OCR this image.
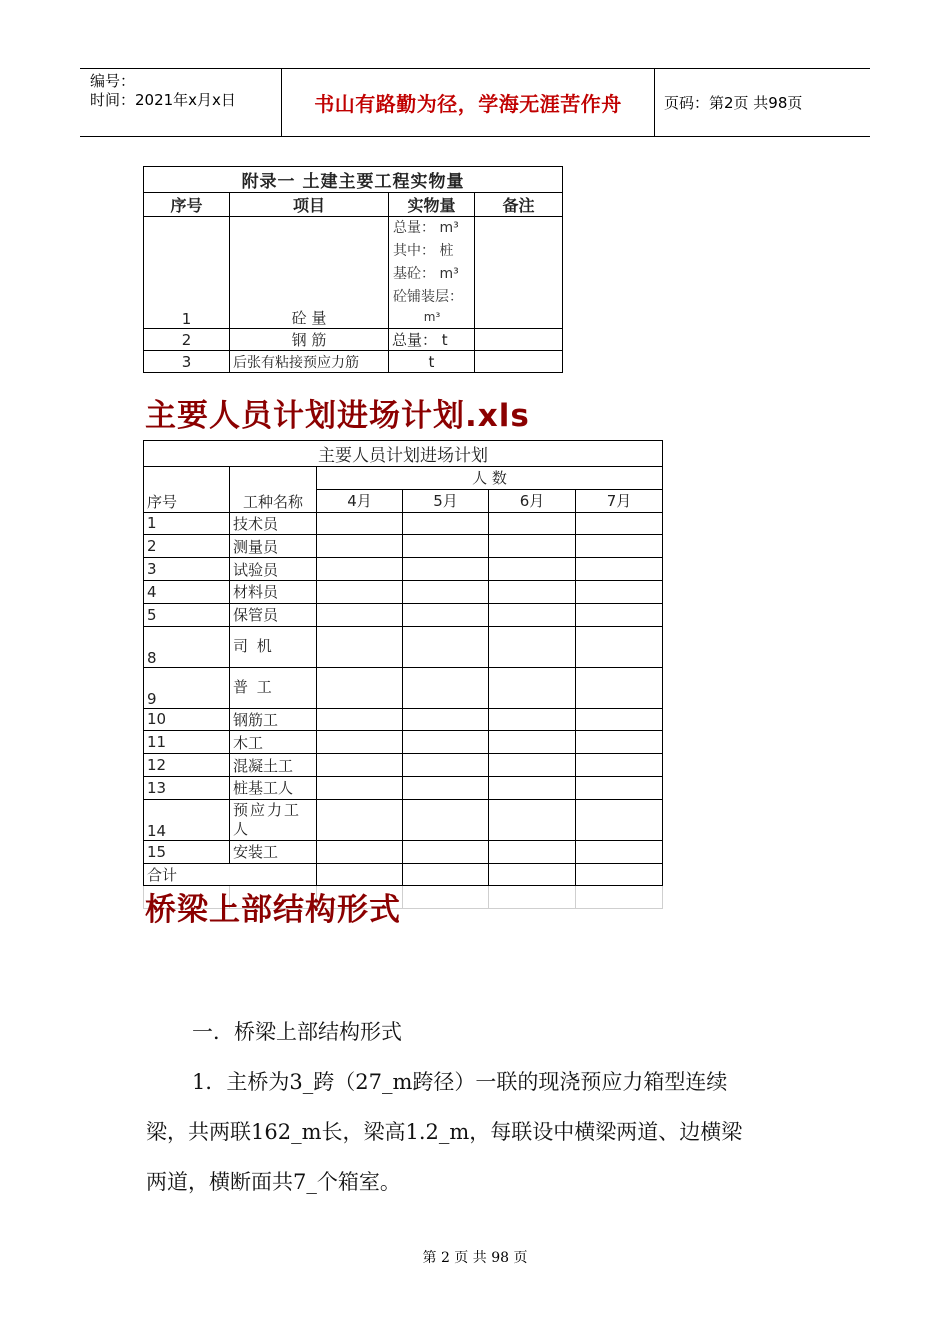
编号：
时间：2021年x月x日	书山有路勤为径，学海无涯苦作舟	页码：第2页 共98页
附录一 土建主要工程实物量			
序号	项目	实物量	备注
1	砼 量	总量： m³
其中： 桩
基砼： m³
砼铺装层：
m³	

2	钢 筋	总量： t	
3	后张有粘接预应力筋	t	
主要人员计划进场计划.xls
主要人员计划进场计划					
序号	工种名称	人 数			
		4月	5月	6月	7月
1	技术员				
2	测量员				
3	试验员				
4	材料员				
5	保管员				
8	司 机				
9	普 工				
10	钢筋工				
11	木工				
12	混凝土工				
13	桩基工人				
14	预应力工人				
15	安装工				
合计					

桥梁上部结构形式
一．桥梁上部结构形式
1．主桥为3_跨（27_m跨径）一联的现浇预应力箱型连续
梁，共两联162_m长，梁高1.2_m，每联设中横梁两道、边横梁
两道，横断面共7_个箱室。
第 2 页 共 98 页
